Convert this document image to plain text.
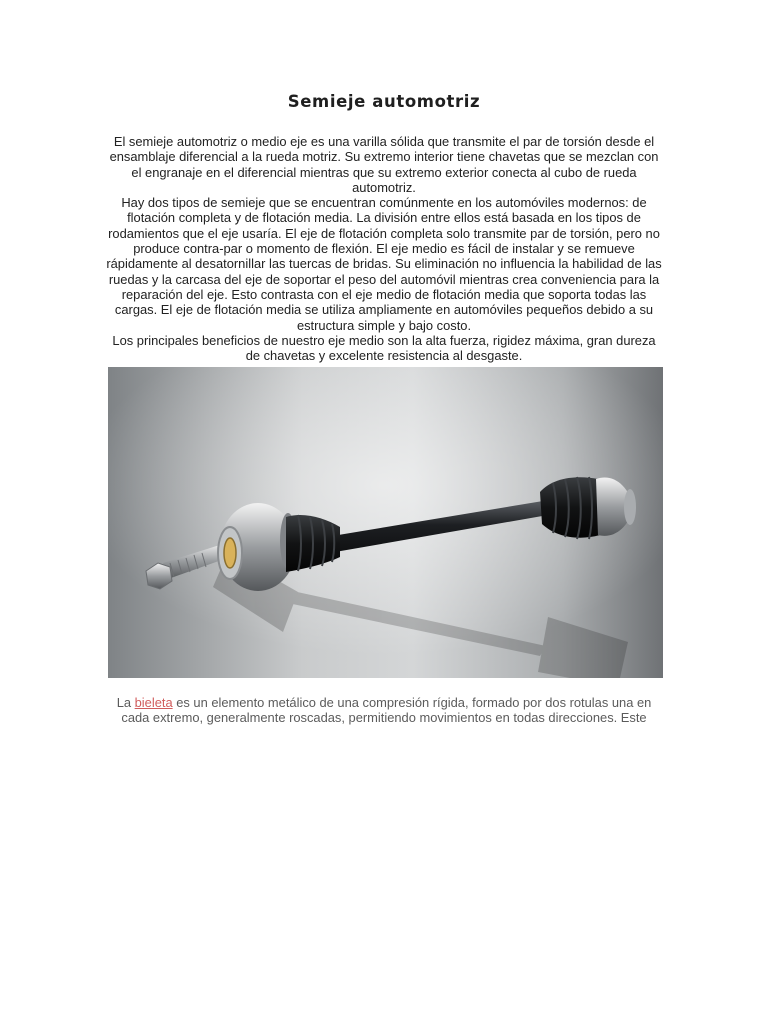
Semieje automotriz

El semieje automotriz o medio eje es una varilla sólida que transmite el par de torsión desde el ensamblaje diferencial a la rueda motriz. Su extremo interior tiene chavetas que se mezclan con el engranaje en el diferencial mientras que su extremo exterior conecta al cubo de rueda automotriz.

Hay dos tipos de semieje que se encuentran comúnmente en los automóviles modernos: de flotación completa y de flotación media. La división entre ellos está basada en los tipos de rodamientos que el eje usaría. El eje de flotación completa solo transmite par de torsión, pero no produce contra-par o momento de flexión. El eje medio es fácil de instalar y se remueve rápidamente al desatornillar las tuercas de bridas. Su eliminación no influencia la habilidad de las ruedas y la carcasa del eje de soportar el peso del automóvil mientras crea conveniencia para la reparación del eje. Esto contrasta con el eje medio de flotación media que soporta todas las cargas. El eje de flotación media se utiliza ampliamente en automóviles pequeños debido a su estructura simple y bajo costo.

Los principales beneficios de nuestro eje medio son la alta fuerza, rigidez máxima, gran dureza de chavetas y excelente resistencia al desgaste.

La bieleta es un elemento metálico de una compresión rígida, formado por dos rotulas una en cada extremo, generalmente roscadas, permitiendo movimientos en todas direcciones. Este
